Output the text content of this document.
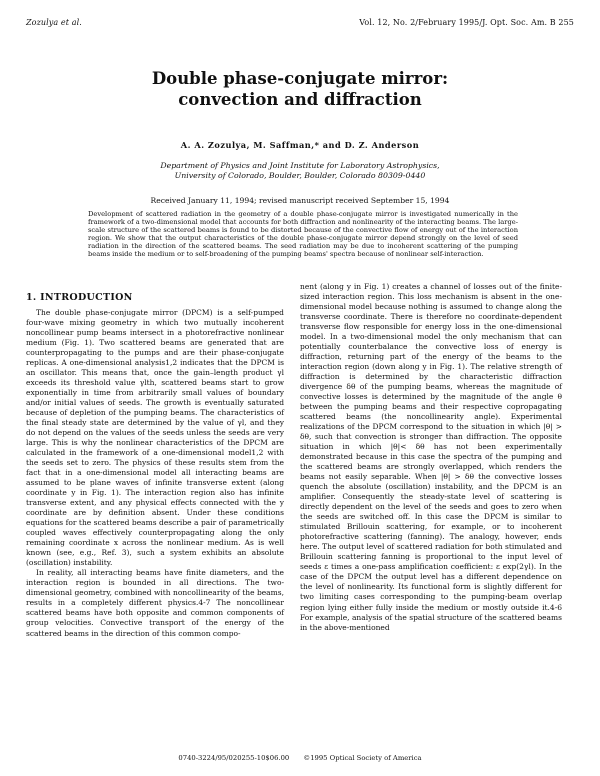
Zozulya et al.	Vol. 12, No. 2/February 1995/J. Opt. Soc. Am. B 255
Double phase-conjugate mirror:
convection and diffraction
A. A. Zozulya, M. Saffman,* and D. Z. Anderson
Department of Physics and Joint Institute for Laboratory Astrophysics,
University of Colorado, Boulder, Boulder, Colorado 80309-0440
Received January 11, 1994; revised manuscript received September 15, 1994
Development of scattered radiation in the geometry of a double phase-conjugate mirror is investigated numerically in the framework of a two-dimensional model that accounts for both diffraction and nonlinearity of the interacting beams. The large-scale structure of the scattered beams is found to be distorted because of the convective flow of energy out of the interaction region. We show that the output characteristics of the double phase-conjugate mirror depend strongly on the level of seed radiation in the direction of the scattered beams. The seed radiation may be due to incoherent scattering of the pumping beams inside the medium or to self-broadening of the pumping beams' spectra because of nonlinear self-interaction.
1. INTRODUCTION

The double phase-conjugate mirror (DPCM) is a self-pumped four-wave mixing geometry in which two mutually incoherent noncollinear pump beams intersect in a photorefractive nonlinear medium (Fig. 1). Two scattered beams are generated that are counterpropagating to the pumps and are their phase-conjugate replicas. A one-dimensional analysis1,2 indicates that the DPCM is an oscillator. This means that, once the gain–length product γl exceeds its threshold value γlth, scattered beams start to grow exponentially in time from arbitrarily small values of boundary and/or initial values of seeds. The growth is eventually saturated because of depletion of the pumping beams. The characteristics of the final steady state are determined by the value of γl, and they do not depend on the values of the seeds unless the seeds are very large. This is why the nonlinear characteristics of the DPCM are calculated in the framework of a one-dimensional model1,2 with the seeds set to zero. The physics of these results stem from the fact that in a one-dimensional model all interacting beams are assumed to be plane waves of infinite transverse extent (along coordinate y in Fig. 1). The interaction region also has infinite transverse extent, and any physical effects connected with the y coordinate are by definition absent. Under these conditions equations for the scattered beams describe a pair of parametrically coupled waves effectively counterpropagating along the only remaining coordinate x across the nonlinear medium. As is well known (see, e.g., Ref. 3), such a system exhibits an absolute (oscillation) instability.

In reality, all interacting beams have finite diameters, and the interaction region is bounded in all directions. The two-dimensional geometry, combined with noncollinearity of the beams, results in a completely different physics.4-7 The noncollinear scattered beams have both opposite and common components of group velocities. Convective transport of the energy of the scattered beams in the direction of this common compo-

nent (along y in Fig. 1) creates a channel of losses out of the finite-sized interaction region. This loss mechanism is absent in the one-dimensional model because nothing is assumed to change along the transverse coordinate. There is therefore no coordinate-dependent transverse flow responsible for energy loss in the one-dimensional model. In a two-dimensional model the only mechanism that can potentially counterbalance the convective loss of energy is diffraction, returning part of the energy of the beams to the interaction region (down along y in Fig. 1). The relative strength of diffraction is determined by the characteristic diffraction divergence δθ of the pumping beams, whereas the magnitude of convective losses is determined by the magnitude of the angle θ between the pumping beams and their respective copropagating scattered beams (the noncollinearity angle). Experimental realizations of the DPCM correspond to the situation in which |θ| > δθ, such that convection is stronger than diffraction. The opposite situation in which |θ|< δθ has not been experimentally demonstrated because in this case the spectra of the pumping and the scattered beams are strongly overlapped, which renders the beams not easily separable. When |θ| > δθ the convective losses quench the absolute (oscillation) instability, and the DPCM is an amplifier. Consequently the steady-state level of scattering is directly dependent on the level of the seeds and goes to zero when the seeds are switched off. In this case the DPCM is similar to stimulated Brillouin scattering, for example, or to incoherent photorefractive scattering (fanning). The analogy, however, ends here. The output level of scattered radiation for both stimulated and Brillouin scattering fanning is proportional to the input level of seeds ε times a one-pass amplification coefficient: ε exp(2γl). In the case of the DPCM the output level has a different dependence on the level of nonlinearity. Its functional form is slightly different for two limiting cases corresponding to the pumping-beam overlap region lying either fully inside the medium or mostly outside it.4-6 For example, analysis of the spatial structure of the scattered beams in the above-mentioned

0740-3224/95/020255-10$06.00 ©1995 Optical Society of America
